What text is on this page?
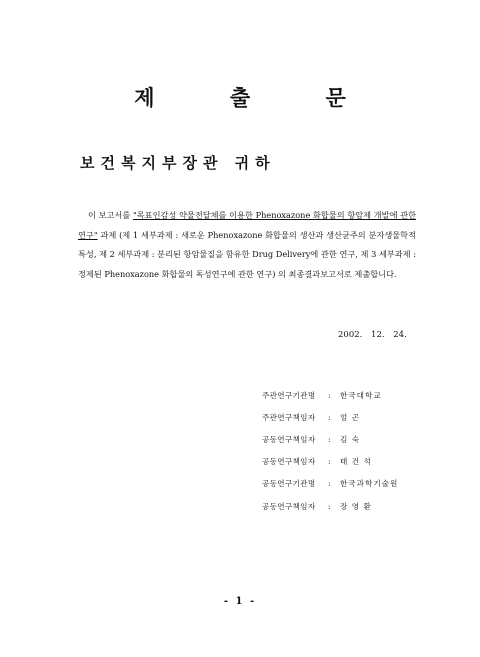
제 출 문
보건복지부장관 귀하
이 보고서를 "목표인감성 약물전달체를 이용한 Phenoxazone 화합물의 항암제 개발에 관한 연구" 과제 (제 1 세부과제 : 새로운 Phenoxazone 화합물의 생산과 생산균주의 분자생물학적 특성, 제 2 세부과제 : 분리된 항암물질을 함유한 Drug Delivery에 관한 연구, 제 3 세부과제 : 정제된 Phenoxazone 화합물의 독성연구에 관한 연구) 의 최종결과보고서로 제출합니다.
2002. 12. 24.
주관연구기관명	:	한국대학교
주관연구책임자	:	엄 곤
공동연구책임자	:	김 숙
공동연구책임자	:	태 건 석
공동연구기관명	:	한국과학기술원
공동연구책임자	:	장 영 환
- 1 -
